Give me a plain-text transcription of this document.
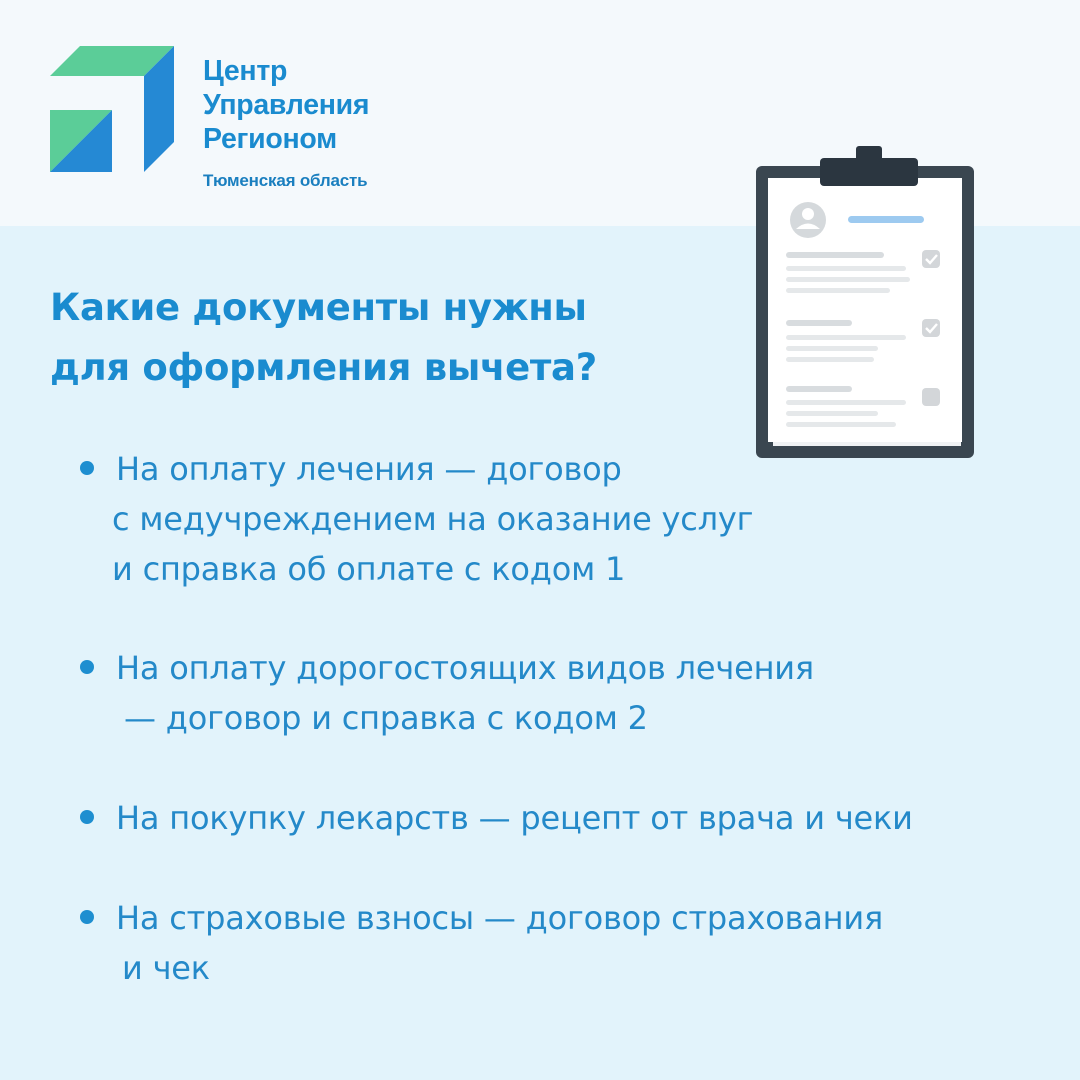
Центр
Управления
Регионом
Тюменская область
Какие документы нужны
для оформления вычета?
На оплату лечения — договор
с медучреждением на оказание услуг
и справка об оплате с кодом 1
На оплату дорогостоящих видов лечения
— договор и справка с кодом 2
На покупку лекарств — рецепт от врача и чеки
На страховые взносы — договор страхования
и чек
